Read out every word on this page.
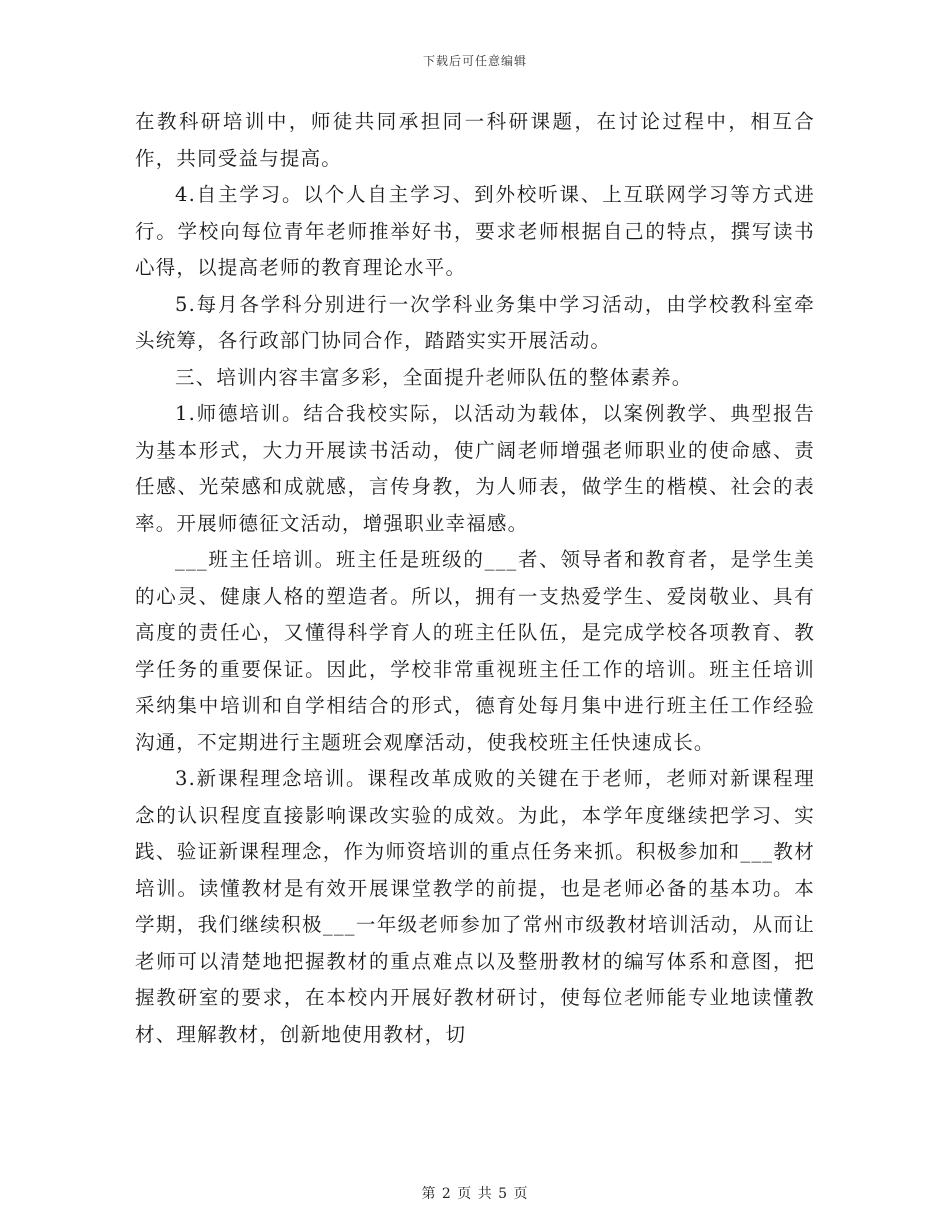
下载后可任意编辑

在教科研培训中，师徒共同承担同一科研课题，在讨论过程中，相互合作，共同受益与提高。

4.自主学习。以个人自主学习、到外校听课、上互联网学习等方式进行。学校向每位青年老师推举好书，要求老师根据自己的特点，撰写读书心得，以提高老师的教育理论水平。

5.每月各学科分别进行一次学科业务集中学习活动，由学校教科室牵头统筹，各行政部门协同合作，踏踏实实开展活动。

三、培训内容丰富多彩，全面提升老师队伍的整体素养。

1.师德培训。结合我校实际，以活动为载体，以案例教学、典型报告为基本形式，大力开展读书活动，使广阔老师增强老师职业的使命感、责任感、光荣感和成就感，言传身教，为人师表，做学生的楷模、社会的表率。开展师德征文活动，增强职业幸福感。

___班主任培训。班主任是班级的___者、领导者和教育者，是学生美的心灵、健康人格的塑造者。所以，拥有一支热爱学生、爱岗敬业、具有高度的责任心，又懂得科学育人的班主任队伍，是完成学校各项教育、教学任务的重要保证。因此，学校非常重视班主任工作的培训。班主任培训采纳集中培训和自学相结合的形式，德育处每月集中进行班主任工作经验沟通，不定期进行主题班会观摩活动，使我校班主任快速成长。

3.新课程理念培训。课程改革成败的关键在于老师，老师对新课程理念的认识程度直接影响课改实验的成效。为此，本学年度继续把学习、实践、验证新课程理念，作为师资培训的重点任务来抓。积极参加和___教材培训。读懂教材是有效开展课堂教学的前提，也是老师必备的基本功。本学期，我们继续积极___一年级老师参加了常州市级教材培训活动，从而让老师可以清楚地把握教材的重点难点以及整册教材的编写体系和意图，把握教研室的要求，在本校内开展好教材研讨，使每位老师能专业地读懂教材、理解教材，创新地使用教材，切

第 2 页 共 5 页
